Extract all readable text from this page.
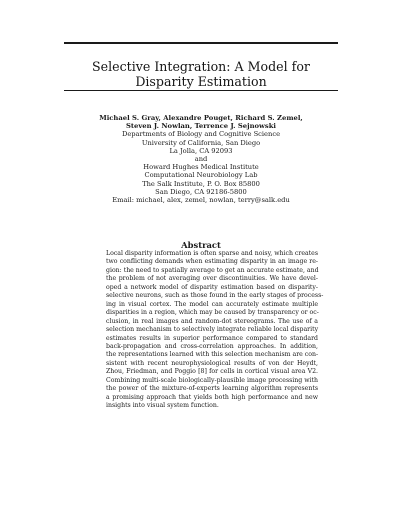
Selective Integration: A Model for
Disparity Estimation
Michael S. Gray, Alexandre Pouget, Richard S. Zemel,
Steven J. Nowlan, Terrence J. Sejnowski
Departments of Biology and Cognitive Science
University of California, San Diego
La Jolla, CA 92093
and
Howard Hughes Medical Institute
Computational Neurobiology Lab
The Salk Institute, P. O. Box 85800
San Diego, CA 92186-5800
Email: michael, alex, zemel, nowlan, terry@salk.edu
Abstract
Local disparity information is often sparse and noisy, which creates
two conflicting demands when estimating disparity in an image re-
gion: the need to spatially average to get an accurate estimate, and
the problem of not averaging over discontinuities. We have devel-
oped a network model of disparity estimation based on disparity-
selective neurons, such as those found in the early stages of process-
ing in visual cortex. The model can accurately estimate multiple
disparities in a region, which may be caused by transparency or oc-
clusion, in real images and random-dot stereograms. The use of a
selection mechanism to selectively integrate reliable local disparity
estimates results in superior performance compared to standard
back-propagation and cross-correlation approaches. In addition,
the representations learned with this selection mechanism are con-
sistent with recent neurophysiological results of von der Heydt,
Zhou, Friedman, and Poggio [8] for cells in cortical visual area V2.
Combining multi-scale biologically-plausible image processing with
the power of the mixture-of-experts learning algorithm represents
a promising approach that yields both high performance and new
insights into visual system function.
